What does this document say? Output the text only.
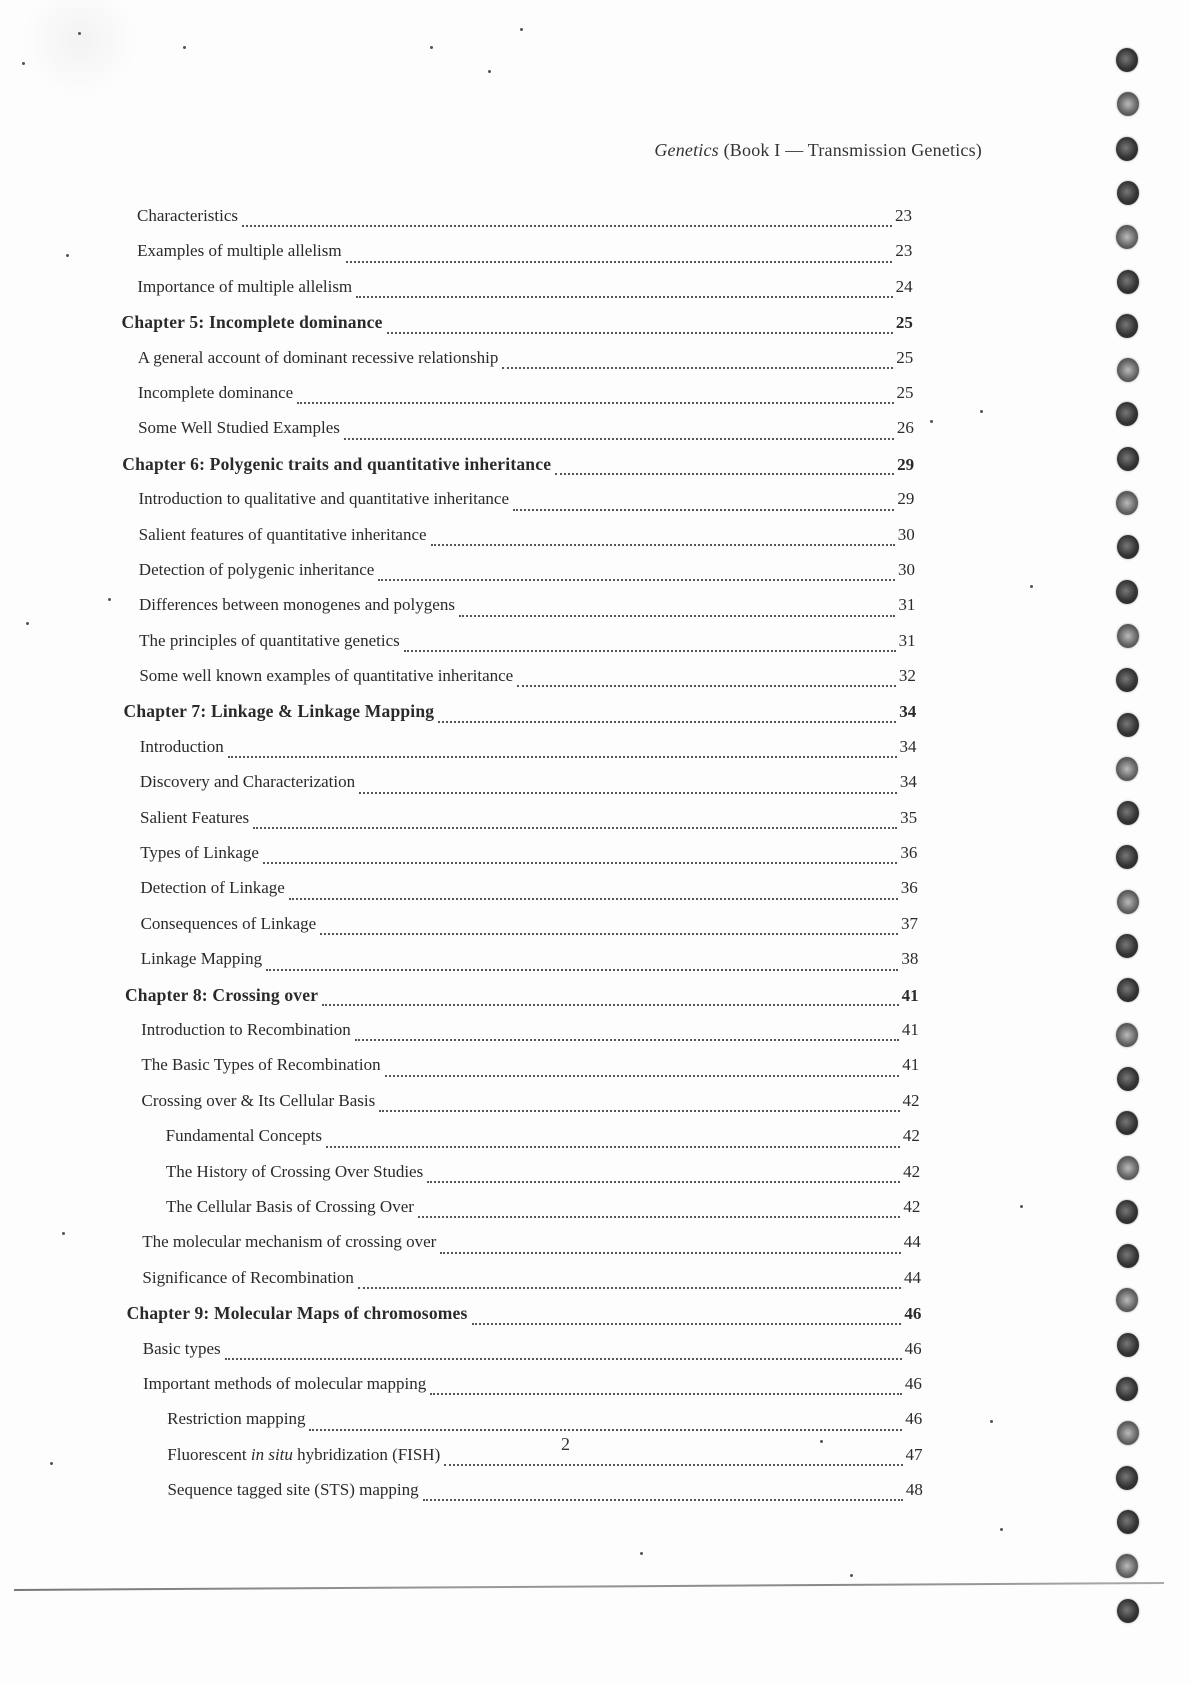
Genetics (Book I — Transmission Genetics)
Characteristics	23
Examples of multiple allelism	23
Importance of multiple allelism	24
Chapter 5: Incomplete dominance	25
A general account of dominant recessive relationship	25
Incomplete dominance	25
Some Well Studied Examples	26
Chapter 6: Polygenic traits and quantitative inheritance	29
Introduction to qualitative and quantitative inheritance	29
Salient features of quantitative inheritance	30
Detection of polygenic inheritance	30
Differences between monogenes and polygens	31
The principles of quantitative genetics	31
Some well known examples of quantitative inheritance	32
Chapter 7: Linkage & Linkage Mapping	34
Introduction	34
Discovery and Characterization	34
Salient Features	35
Types of Linkage	36
Detection of Linkage	36
Consequences of Linkage	37
Linkage Mapping	38
Chapter 8: Crossing over	41
Introduction to Recombination	41
The Basic Types of Recombination	41
Crossing over & Its Cellular Basis	42
Fundamental Concepts	42
The History of Crossing Over Studies	42
The Cellular Basis of Crossing Over	42
The molecular mechanism of crossing over	44
Significance of Recombination	44
Chapter 9: Molecular Maps of chromosomes	46
Basic types	46
Important methods of molecular mapping	46
Restriction mapping	46
Fluorescent in situ hybridization (FISH)	47
Sequence tagged site (STS) mapping	48
2
